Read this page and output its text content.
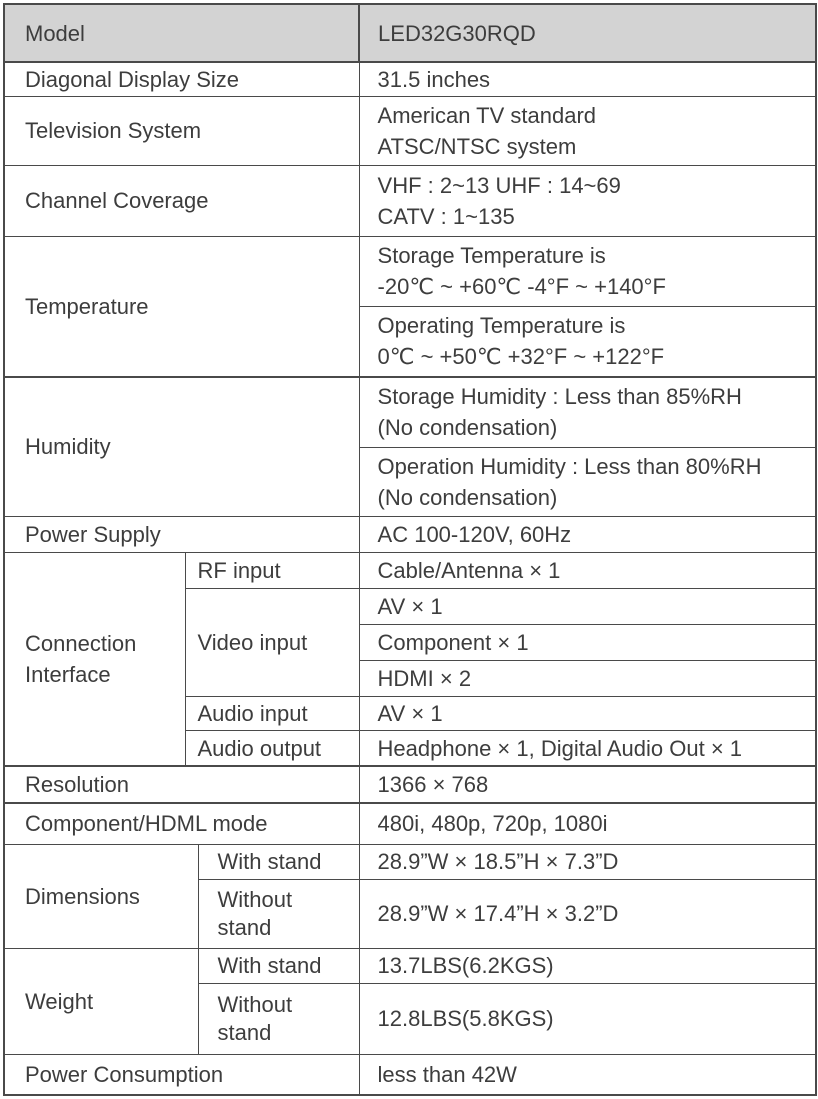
Model			LED32G30RQD
Diagonal Display Size			31.5 inches
Television System			American TV standard
ATSC/NTSC system

Channel Coverage			VHF : 2~13 UHF : 14~69
CATV : 1~135

Temperature			Storage Temperature is
-20℃ ~ +60℃ -4°F ~ +140°F

			Operating Temperature is
0℃ ~ +50℃ +32°F ~ +122°F

Humidity			Storage Humidity : Less than 85%RH
(No condensation)

			Operation Humidity : Less than 80%RH
(No condensation)

Power Supply			AC 100-120V, 60Hz

Connection
Interface	RF input		Cable/Antenna × 1
	Video input		AV × 1
			Component × 1
			HDMI × 2
	Audio input		AV × 1
	Audio output		Headphone × 1, Digital Audio Out × 1

Resolution			1366 × 768
Component/HDML mode			480i, 480p, 720p, 1080i
Dimensions		With stand	28.9”W × 18.5”H × 7.3”D

		Without
stand	28.9”W × 17.4”H × 3.2”D
Weight		With stand	13.7LBS(6.2KGS)

		Without
stand	12.8LBS(5.8KGS)
Power Consumption			less than 42W
